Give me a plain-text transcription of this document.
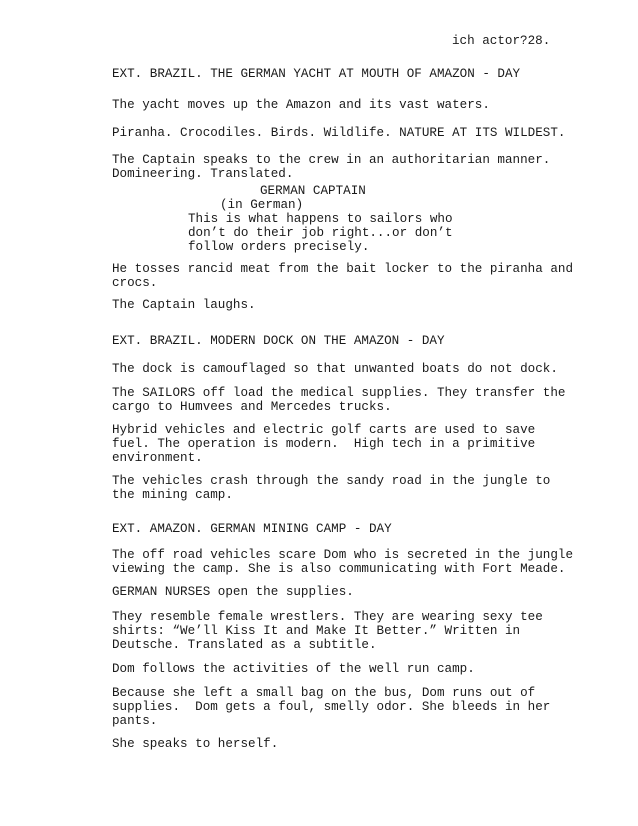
ich actor?28.
EXT. BRAZIL. THE GERMAN YACHT AT MOUTH OF AMAZON - DAY
The yacht moves up the Amazon and its vast waters.
Piranha. Crocodiles. Birds. Wildlife. NATURE AT ITS WILDEST.
The Captain speaks to the crew in an authoritarian manner.
Domineering. Translated.
GERMAN CAPTAIN
(in German)
This is what happens to sailors who
don’t do their job right...or don’t
follow orders precisely.
He tosses rancid meat from the bait locker to the piranha and
crocs.
The Captain laughs.
EXT. BRAZIL. MODERN DOCK ON THE AMAZON - DAY
The dock is camouflaged so that unwanted boats do not dock.
The SAILORS off load the medical supplies. They transfer the
cargo to Humvees and Mercedes trucks.
Hybrid vehicles and electric golf carts are used to save
fuel. The operation is modern.  High tech in a primitive
environment.
The vehicles crash through the sandy road in the jungle to
the mining camp.
EXT. AMAZON. GERMAN MINING CAMP - DAY
The off road vehicles scare Dom who is secreted in the jungle
viewing the camp. She is also communicating with Fort Meade.
GERMAN NURSES open the supplies.
They resemble female wrestlers. They are wearing sexy tee
shirts: “We’ll Kiss It and Make It Better.” Written in
Deutsche. Translated as a subtitle.
Dom follows the activities of the well run camp.
Because she left a small bag on the bus, Dom runs out of
supplies.  Dom gets a foul, smelly odor. She bleeds in her
pants.
She speaks to herself.
